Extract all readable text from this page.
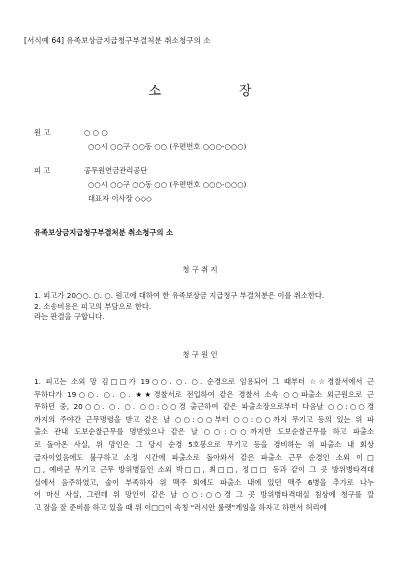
[서식예 64] 유족보상금지급청구부결처분 취소청구의 소
소	장
원 고	○ ○ ○
○○시 ○○구 ○○동 ○○ (우편번호 ○○○-○○○)
피 고	공무원연금관리공단
○○시 ○○구 ○○동 ○○ (우편번호 ○○○-○○○)
대표자 이사장 ◇◇◇
유족보상금지급청구부결처분 취소청구의 소
청 구 취 지
1. 피고가 20○○. ○. ○. 원고에 대하여 한 유족보상금 지급청구 부결처분은 이를 취소한다.
2. 소송비용은 피고의 부담으로 한다.
라는 판결을 구합니다.
청 구 원 인
1. 피고는 소외 망 김□□가 19○○. ○. ○. 순경으로 임용되어 그 때부터 ☆☆경찰서에서 근
무하다가 19○○. ○. ○. ★★경찰서로 전입하여 같은 경찰서 소속 ○○파출소 외근원으로 근
무하던 중, 20○○. ○. ○. ○○:○○경 출근하여 같은 파출소장으로부터 다음날 ○○:○○경
까지의 주야간 근무명령을 받고 같은 날 ○○:○○부터 ○○:○○까지 무기고 등의 있는 위 파
출소 관내 도보순찰근무를 명받았으나 같은 날 ○○:○○까지만 도보순찰근무를 하고 파출소
로 돌아온 사실, 위 망인은 그 당시 순경 5호봉으로 무기고 등을 경비하는 위 파출소 내 회상
급자이었음에도 불구하고 소정 시간에 파출소로 돌아와서 같은 파출소 근무 순경인 소외 이□
□, 예비군 무기고 근무 방위병들인 소외 박□□, 최□□, 정□□ 등과 같이 그 곳 방위병타격대
실에서 음주하였고, 술이 부족하자 위 맥주 회에도 파출소 내에 있던 맥주 6병을 추가로 나누
어 마신 사실, 그런데 위 망인이 같은 날 ○○:○○경 그 곳 방위병타격대실 침상에 청구를 깔
고 잠을 잘 준비를 하고 있을 때 위 이□□이 속칭 "러시안 룰렛"게임을 하자고 하면서 허리에
